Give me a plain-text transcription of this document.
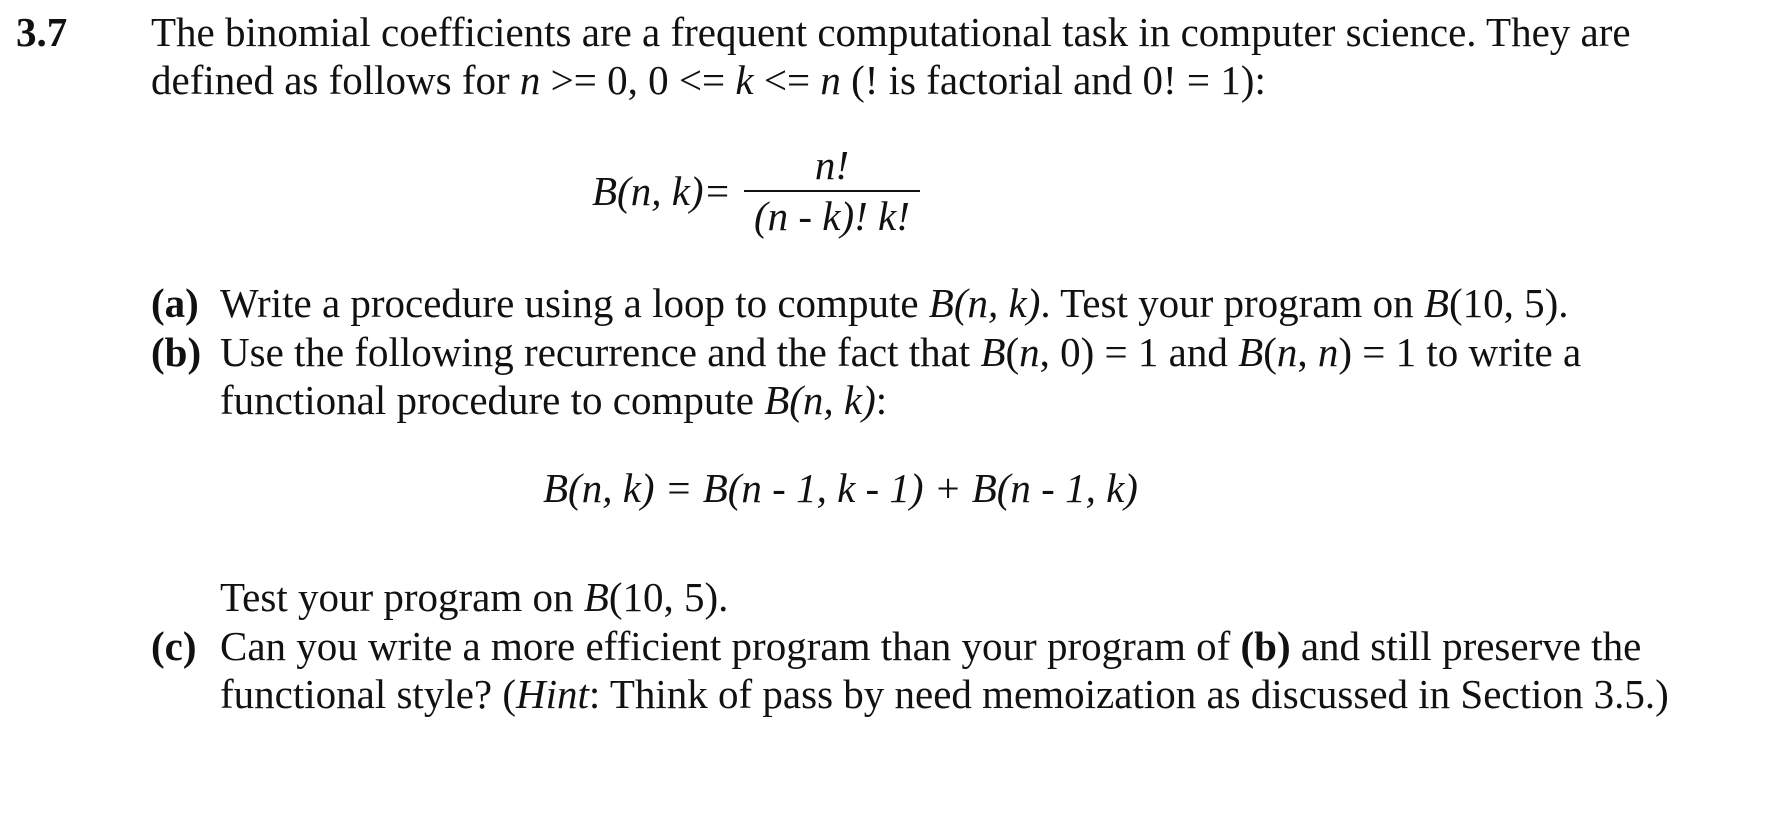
3.7 The binomial coefficients are a frequent computational task in computer science. They are
defined as follows for n >= 0, 0 <= k <= n (! is factorial and 0! = 1):
B(n, k) =
n!
(n - k)! k!
(a) Write a procedure using a loop to compute B(n, k). Test your program on B(10, 5).
(b) Use the following recurrence and the fact that B(n, 0) = 1 and B(n, n) = 1 to write a
functional procedure to compute B(n, k):
B(n, k) = B(n - 1, k - 1) + B(n - 1, k)
Test your program on B(10, 5).
(c) Can you write a more efficient program than your program of (b) and still preserve the
functional style? (Hint: Think of pass by need memoization as discussed in Section 3.5.)
